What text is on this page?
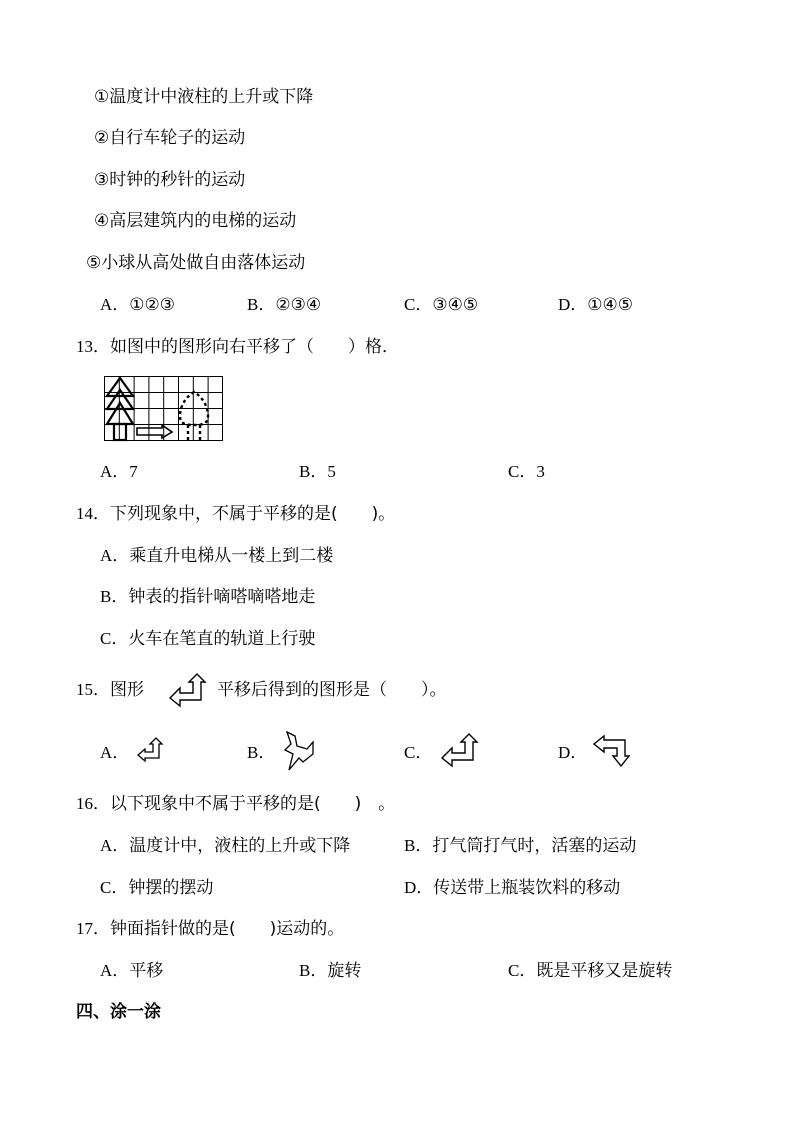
①温度计中液柱的上升或下降
②自行车轮子的运动
③时钟的秒针的运动
④高层建筑内的电梯的运动
⑤小球从高处做自由落体运动
A．①②③	B．②③④	C．③④⑤	D．①④⑤
13．如图中的图形向右平移了（　　）格．
A．7	B．5	C．3
14．下列现象中，不属于平移的是(　　)。
A．乘直升电梯从一楼上到二楼
B．钟表的指针嘀嗒嘀嗒地走
C．火车在笔直的轨道上行驶
15．图形	平移后得到的图形是（　　）。
A．	B．	C．	D．
16．以下现象中不属于平移的是(　　)　。
A．温度计中，液柱的上升或下降	B．打气筒打气时，活塞的运动
C．钟摆的摆动	D．传送带上瓶装饮料的移动
17．钟面指针做的是(　　)运动的。
A．平移	B．旋转	C．既是平移又是旋转
四、涂一涂
